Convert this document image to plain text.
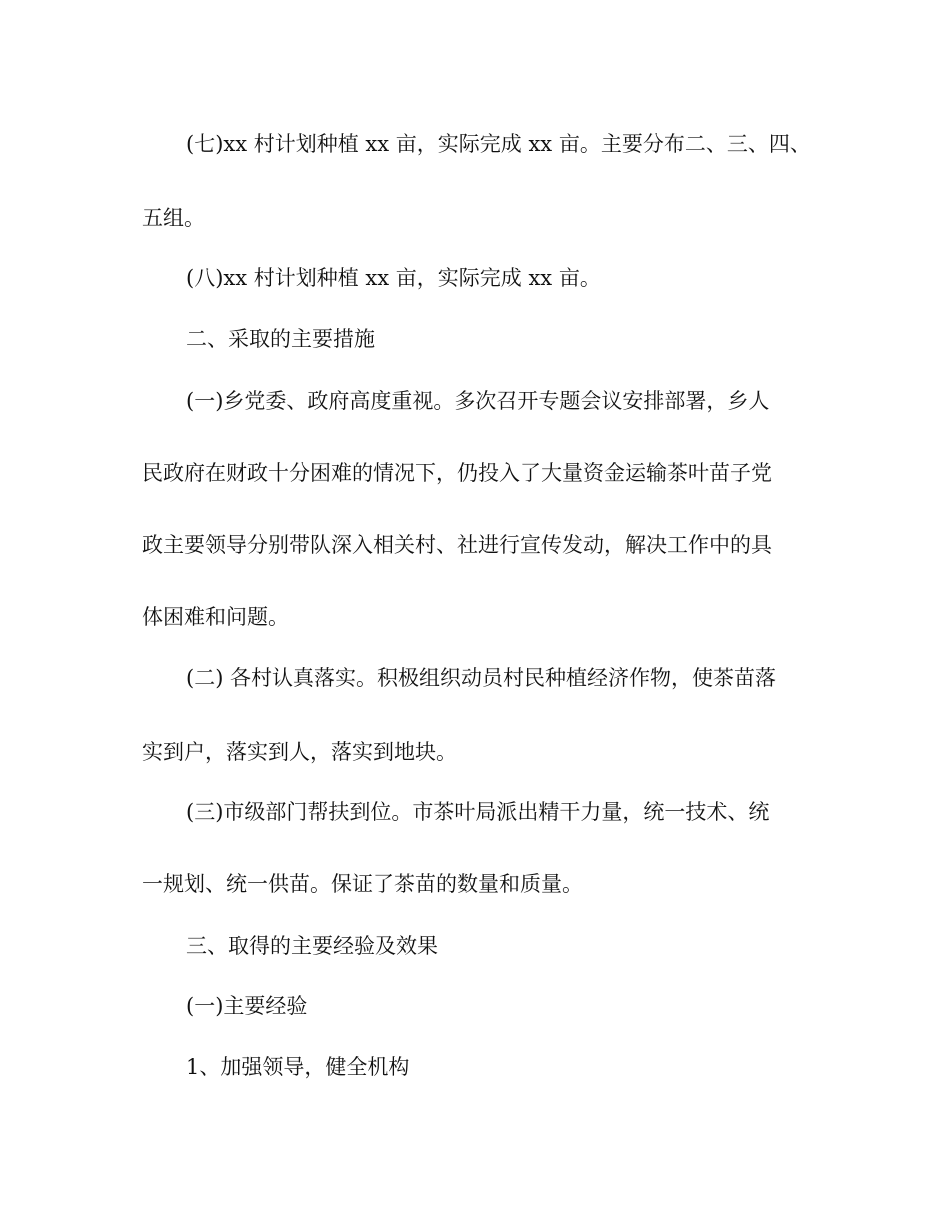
(七)xx 村计划种植 xx 亩，实际完成 xx 亩。主要分布二、三、四、
五组。
(八)xx 村计划种植 xx 亩，实际完成 xx 亩。
二、采取的主要措施
(一)乡党委、政府高度重视。多次召开专题会议安排部署，乡人
民政府在财政十分困难的情况下，仍投入了大量资金运输茶叶苗子党
政主要领导分别带队深入相关村、社进行宣传发动，解决工作中的具
体困难和问题。
(二) 各村认真落实。积极组织动员村民种植经济作物，使茶苗落
实到户，落实到人，落实到地块。
(三)市级部门帮扶到位。市茶叶局派出精干力量，统一技术、统
一规划、统一供苗。保证了茶苗的数量和质量。
三、取得的主要经验及效果
(一)主要经验
1、加强领导，健全机构
